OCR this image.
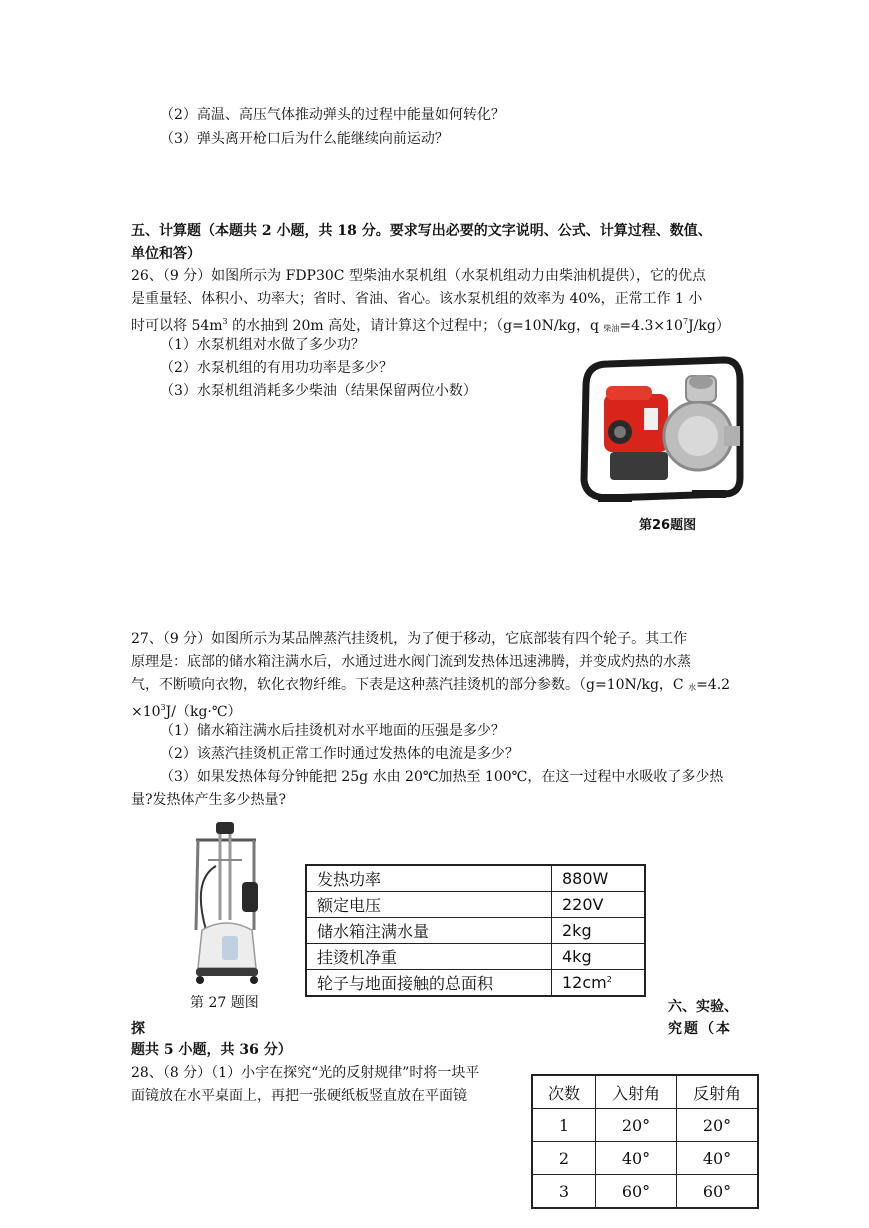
（2）高温、高压气体推动弹头的过程中能量如何转化？
（3）弹头离开枪口后为什么能继续向前运动？
五、计算题（本题共 2 小题，共 18 分。要求写出必要的文字说明、公式、计算过程、数值、
单位和答）
26、（9 分）如图所示为 FDP30C 型柴油水泵机组（水泵机组动力由柴油机提供），它的优点
是重量轻、体积小、功率大；省时、省油、省心。该水泵机组的效率为 40%，正常工作 1 小
时可以将 $54m^3$ 的水抽到 20m 高处，请计算这个过程中；（g=10N/kg，q $_{柴油}=4.3\times 10^7J/kg$）
（1）水泵机组对水做了多少功？
（2）水泵机组的有用功功率是多少？
（3）水泵机组消耗多少柴油（结果保留两位小数）
第26题图
27、（9 分）如图所示为某品牌蒸汽挂烫机，为了便于移动，它底部装有四个轮子。其工作
原理是：底部的储水箱注满水后，水通过进水阀门流到发热体迅速沸腾，并变成灼热的水蒸
气，不断喷向衣物，软化衣物纤维。下表是这种蒸汽挂烫机的部分参数。（g=10N/kg，C $_水$=4.2
$\times 10^3J/(kg\cdot℃)$
（1）储水箱注满水后挂烫机对水平地面的压强是多少？
（2）该蒸汽挂烫机正常工作时通过发热体的电流是多少？
（3）如果发热体每分钟能把 25g 水由 20℃加热至 100℃，在这一过程中水吸收了多少热
量?发热体产生多少热量?
第 27 题图
发热功率	880W
额定电压	220V
储水箱注满水量	2kg
挂烫机净重	4kg
轮子与地面接触的总面积	$12cm^2$
六、实验、
探	究题（本
题共 5 小题，共 36 分）
28、（8 分）（1）小宇在探究“光的反射规律”时将一块平
面镜放在水平桌面上，再把一张硬纸板竖直放在平面镜	次数	入射角	反射角
1	20°	20°
2	40°	40°
3	60°	60°
